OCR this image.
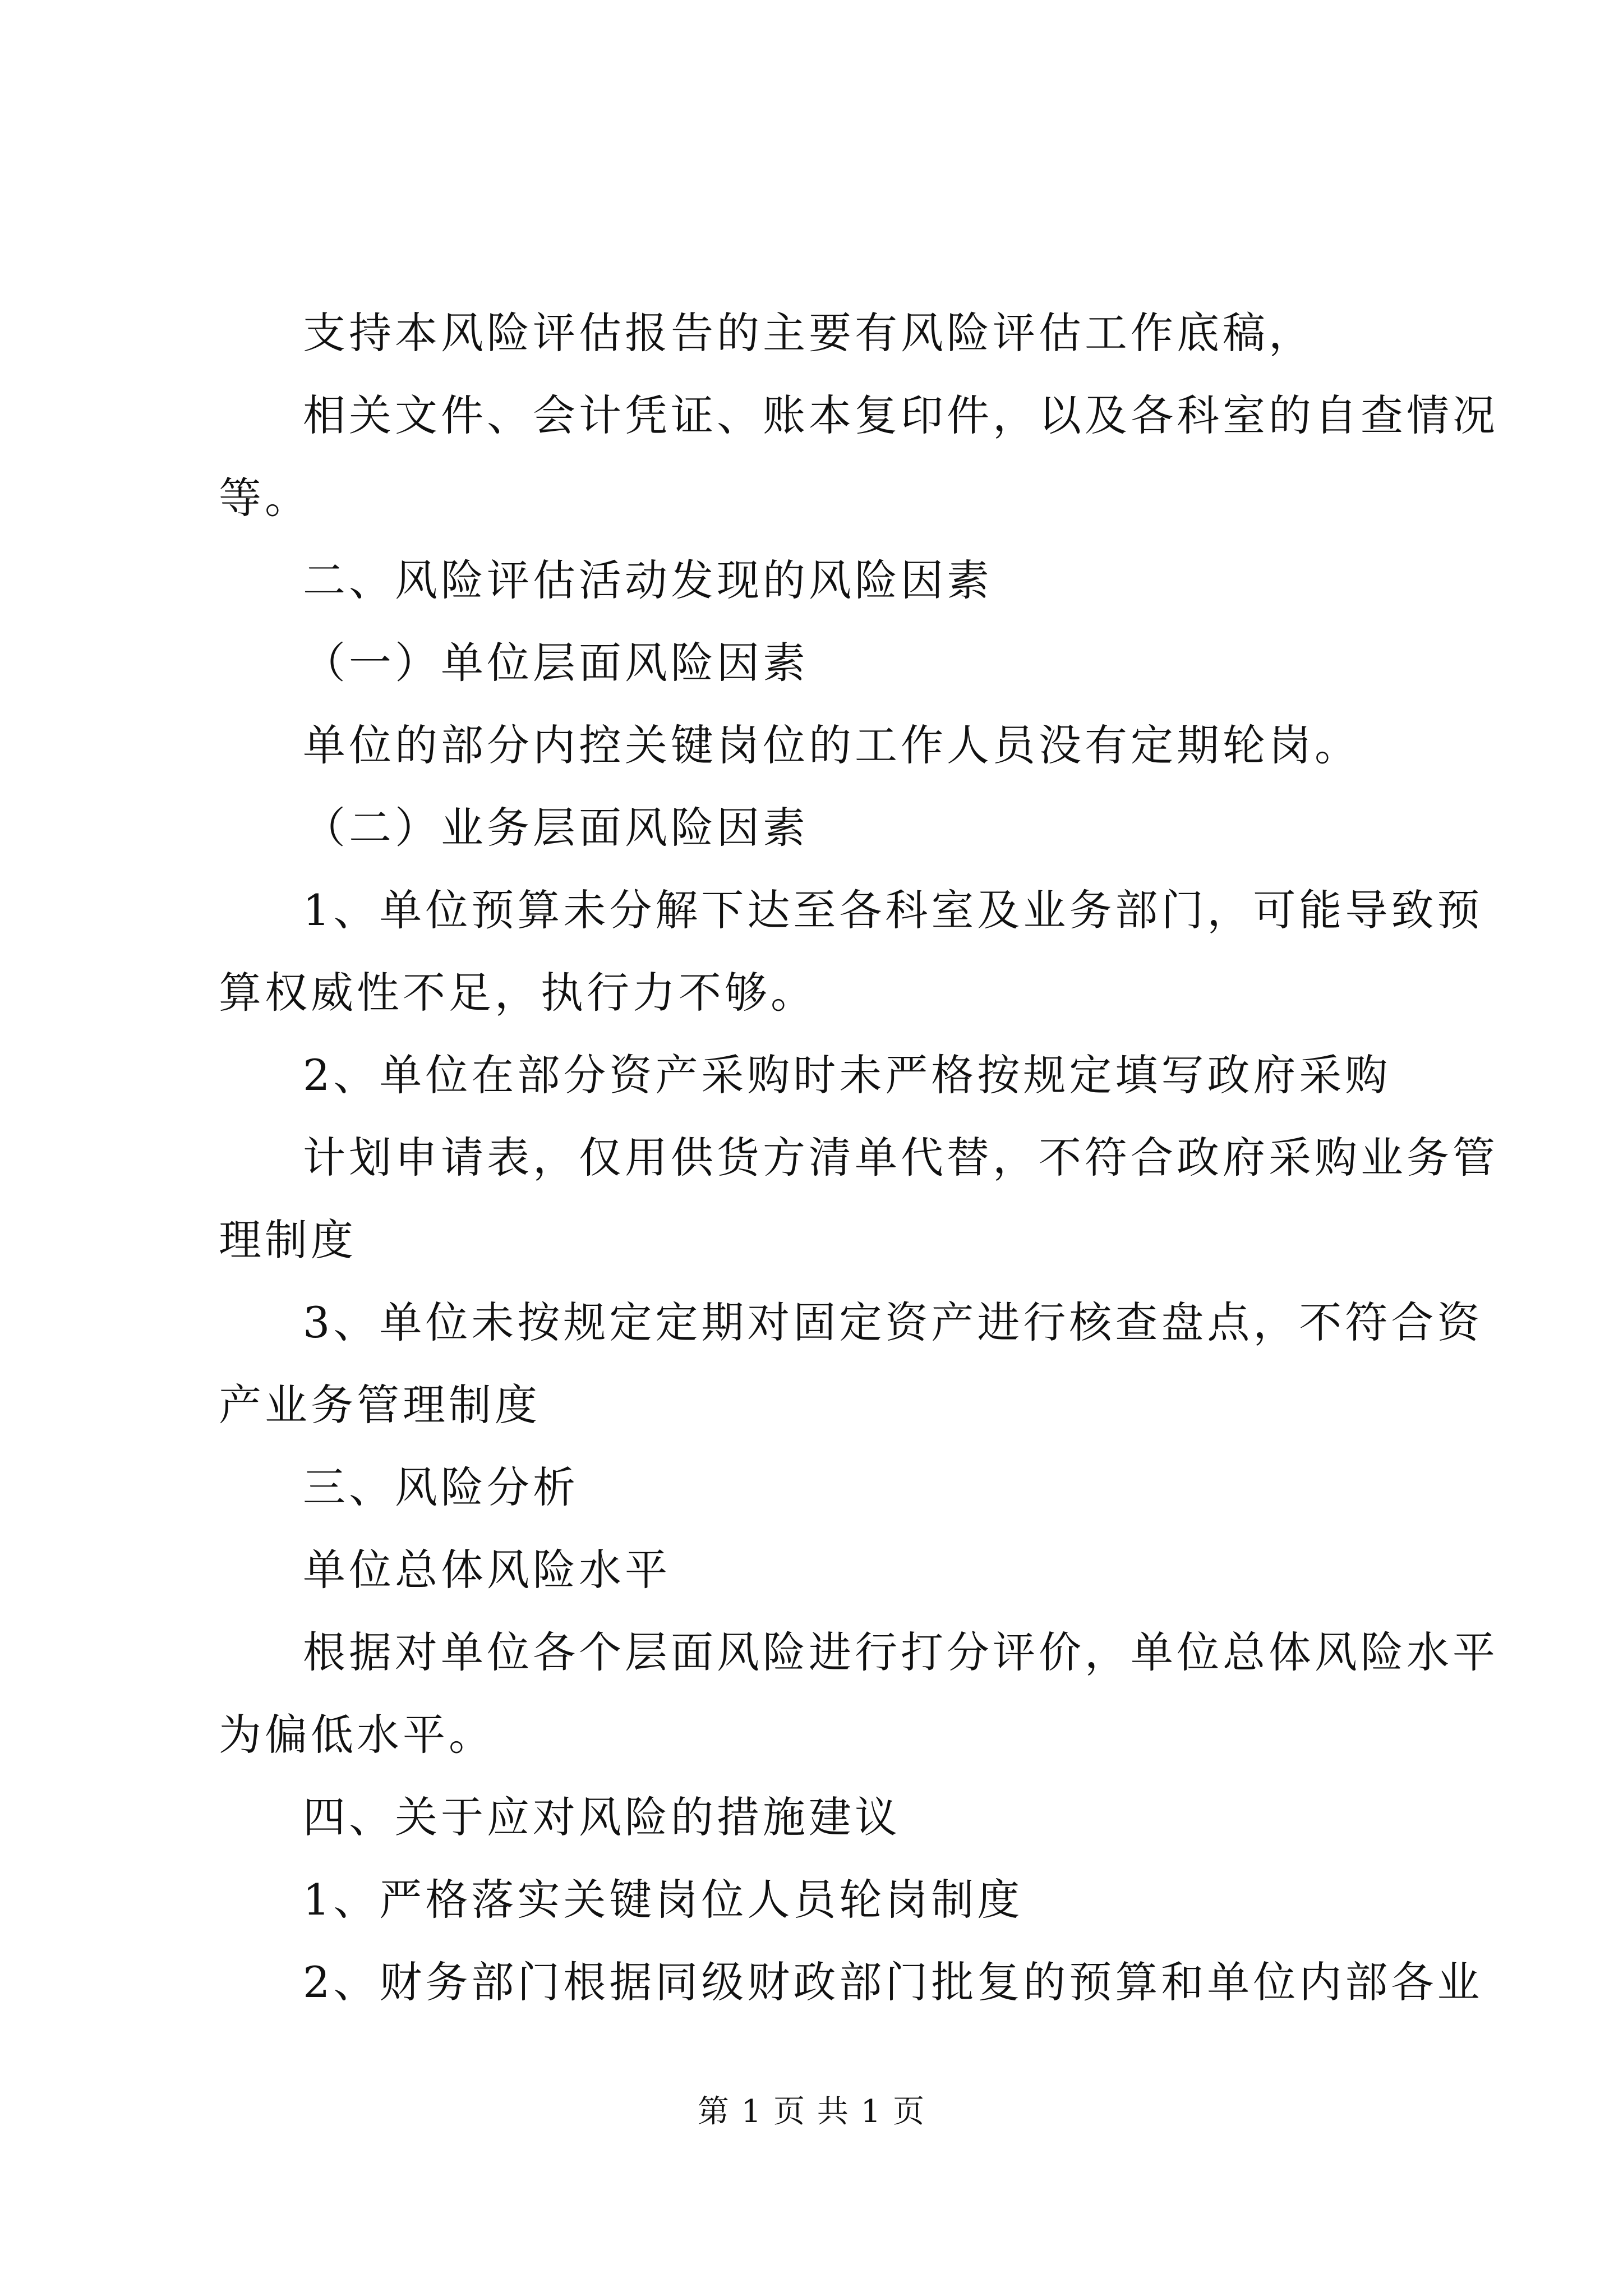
支持本风险评估报告的主要有风险评估工作底稿，
相关文件、会计凭证、账本复印件，以及各科室的自查情况
等。
二、风险评估活动发现的风险因素
（一）单位层面风险因素
单位的部分内控关键岗位的工作人员没有定期轮岗。
（二）业务层面风险因素
1、单位预算未分解下达至各科室及业务部门，可能导致预
算权威性不足，执行力不够。
2、单位在部分资产采购时未严格按规定填写政府采购
计划申请表，仅用供货方清单代替，不符合政府采购业务管
理制度
3、单位未按规定定期对固定资产进行核查盘点，不符合资
产业务管理制度
三、风险分析
单位总体风险水平
根据对单位各个层面风险进行打分评价，单位总体风险水平
为偏低水平。
四、关于应对风险的措施建议
1、严格落实关键岗位人员轮岗制度
2、财务部门根据同级财政部门批复的预算和单位内部各业
第 1 页 共 1 页
